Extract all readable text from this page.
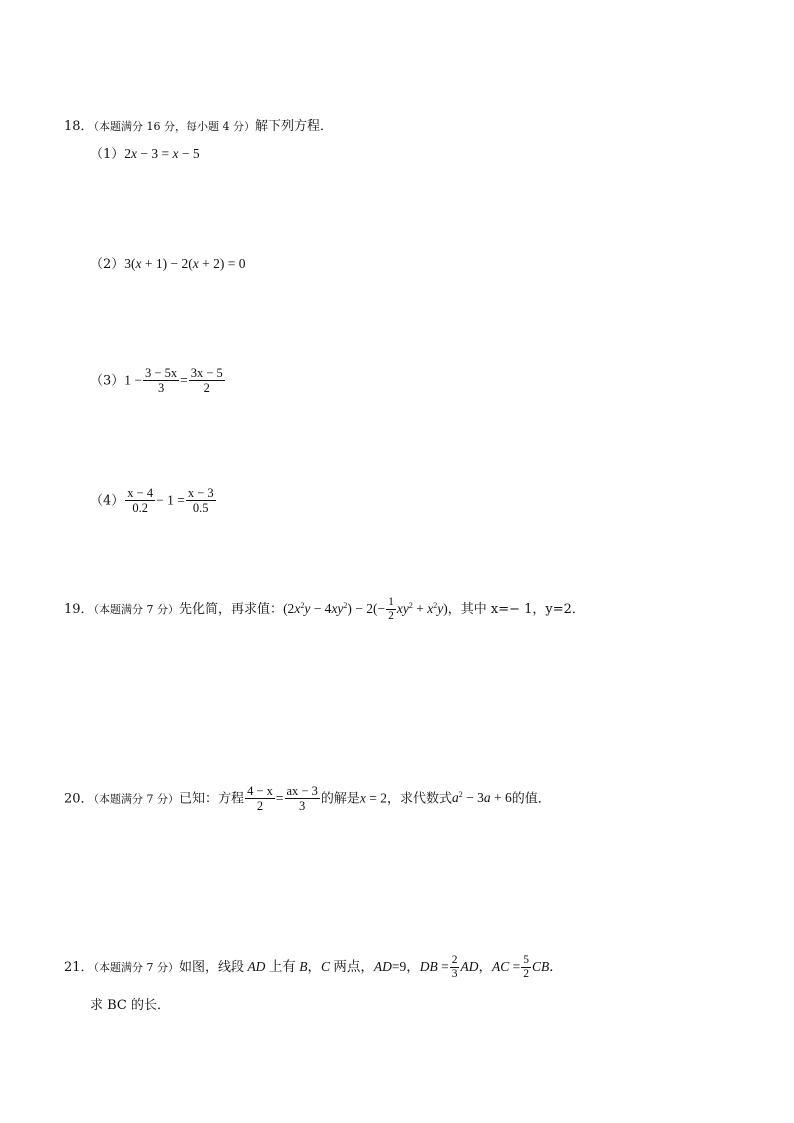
18．（本题满分 16 分，每小题 4 分）解下列方程．
（1）2x − 3 = x − 5
（2）3(x + 1) − 2(x + 2) = 0
$(3)1 - \frac{3 - 5x}{3} = \frac{3x - 5}{2}$
$(4) \frac{x - 4}{0.2} - 1 = \frac{x - 3}{0.5}$
19．（本题满分 7 分）先化简，再求值：$(2x^2y - 4xy^2) - 2(- \frac{1}{2} xy^2 + x^2y)$，其中 x=− 1，y=2．
20．（本题满分 7 分）已知：方程 $\frac{4 - x}{2} = \frac{ax - 3}{3}$ 的解是x = 2，求代数式$a^2 - 3a + 6$的值．
21．（本题满分 7 分）如图，线段 AD 上有 B，C 两点，AD=9，DB = $\frac{2}{3}$ AD，AC = $\frac{5}{2}$ CB．
求 BC 的长．
